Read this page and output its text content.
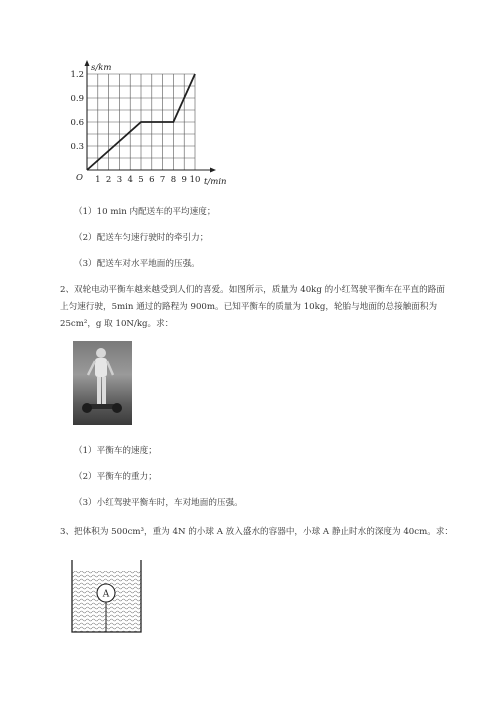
s/km
t/min
O 1 2 3 4 5 6 7 8 9 10
0.3
0.6
0.9
1.2
（1）10 min 内配送车的平均速度；
（2）配送车匀速行驶时的牵引力；
（3）配送车对水平地面的压强。
2、双轮电动平衡车越来越受到人们的喜爱。如图所示，质量为 40kg 的小红驾驶平衡车在平直的路面
上匀速行驶，5min 通过的路程为 900m。已知平衡车的质量为 10kg，轮胎与地面的总接触面积为
25cm²，g 取 10N/kg。求：
（1）平衡车的速度；
（2）平衡车的重力；
（3）小红驾驶平衡车时，车对地面的压强。
3、把体积为 500cm³，重为 4N 的小球 A 放入盛水的容器中，小球 A 静止时水的深度为 40cm。求：
A
